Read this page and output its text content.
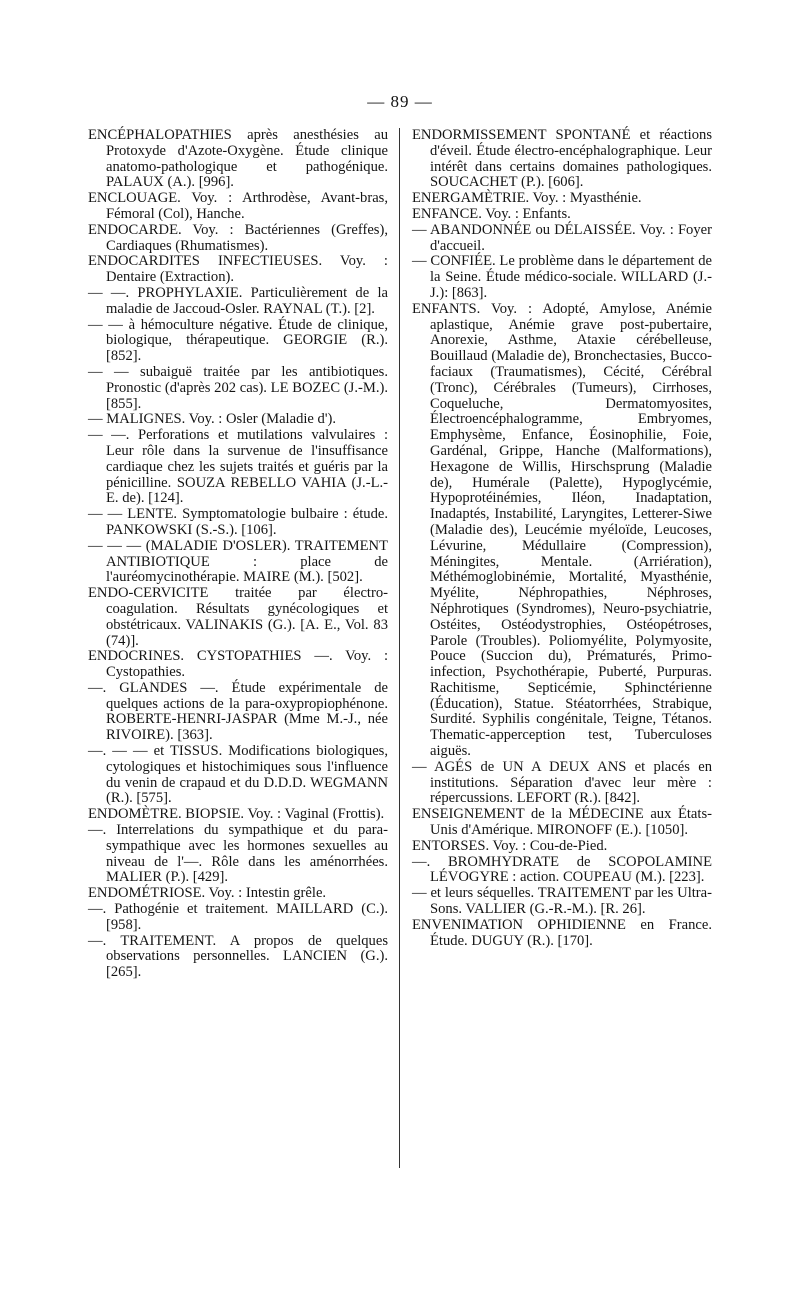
— 89 —

ENCÉPHALOPATHIES après anesthésies au Protoxyde d'Azote-Oxygène. Étude clinique anatomo-pathologique et pathogénique. PALAUX (A.). [996].

ENCLOUAGE. Voy. : Arthrodèse, Avant-bras, Fémoral (Col), Hanche.

ENDOCARDE. Voy. : Bactériennes (Greffes), Cardiaques (Rhumatismes).

ENDOCARDITES INFECTIEUSES. Voy. : Dentaire (Extraction).

— —. PROPHYLAXIE. Particulièrement de la maladie de Jaccoud-Osler. RAYNAL (T.). [2].

— — à hémoculture négative. Étude de clinique, biologique, thérapeutique. GEORGIE (R.). [852].

— — subaiguë traitée par les antibiotiques. Pronostic (d'après 202 cas). LE BOZEC (J.-M.). [855].

— MALIGNES. Voy. : Osler (Maladie d').

— —. Perforations et mutilations valvulaires : Leur rôle dans la survenue de l'insuffisance cardiaque chez les sujets traités et guéris par la pénicilline. SOUZA REBELLO VAHIA (J.-L.-E. de). [124].

— — LENTE. Symptomatologie bulbaire : étude. PANKOWSKI (S.-S.). [106].

— — — (MALADIE D'OSLER). TRAITEMENT ANTIBIOTIQUE : place de l'auréomycinothérapie. MAIRE (M.). [502].

ENDO-CERVICITE traitée par électro-coagulation. Résultats gynécologiques et obstétricaux. VALINAKIS (G.). [A. E., Vol. 83 (74)].

ENDOCRINES. CYSTOPATHIES —. Voy. : Cystopathies.

—. GLANDES —. Étude expérimentale de quelques actions de la para-oxypropiophénone. ROBERTE-HENRI-JASPAR (Mme M.-J., née RIVOIRE). [363].

—. — — et TISSUS. Modifications biologiques, cytologiques et histochimiques sous l'influence du venin de crapaud et du D.D.D. WEGMANN (R.). [575].

ENDOMÈTRE. BIOPSIE. Voy. : Vaginal (Frottis).

—. Interrelations du sympathique et du para-sympathique avec les hormones sexuelles au niveau de l'—. Rôle dans les aménorrhées. MALIER (P.). [429].

ENDOMÉTRIOSE. Voy. : Intestin grêle.

—. Pathogénie et traitement. MAILLARD (C.). [958].

—. TRAITEMENT. A propos de quelques observations personnelles. LANCIEN (G.). [265].

ENDORMISSEMENT SPONTANÉ et réactions d'éveil. Étude électro-encéphalographique. Leur intérêt dans certains domaines pathologiques. SOUCACHET (P.). [606].

ENERGAMÈTRIE. Voy. : Myasthénie.

ENFANCE. Voy. : Enfants.

— ABANDONNÉE ou DÉLAISSÉE. Voy. : Foyer d'accueil.

— CONFIÉE. Le problème dans le département de la Seine. Étude médico-sociale. WILLARD (J.-J.): [863].

ENFANTS. Voy. : Adopté, Amylose, Anémie aplastique, Anémie grave post-pubertaire, Anorexie, Asthme, Ataxie cérébelleuse, Bouillaud (Maladie de), Bronchectasies, Bucco-faciaux (Traumatismes), Cécité, Cérébral (Tronc), Cérébrales (Tumeurs), Cirrhoses, Coqueluche, Dermatomyosites, Électroencéphalogramme, Embryomes, Emphysème, Enfance, Éosinophilie, Foie, Gardénal, Grippe, Hanche (Malformations), Hexagone de Willis, Hirschsprung (Maladie de), Humérale (Palette), Hypoglycémie, Hypoprotéinémies, Iléon, Inadaptation, Inadaptés, Instabilité, Laryngites, Letterer-Siwe (Maladie des), Leucémie myéloïde, Leucoses, Lévurine, Médullaire (Compression), Méningites, Mentale. (Arriération), Méthémoglobinémie, Mortalité, Myasthénie, Myélite, Néphropathies, Néphroses, Néphrotiques (Syndromes), Neuro-psychiatrie, Ostéites, Ostéodystrophies, Ostéopétroses, Parole (Troubles). Poliomyélite, Polymyosite, Pouce (Succion du), Prématurés, Primo-infection, Psychothérapie, Puberté, Purpuras. Rachitisme, Septicémie, Sphinctérienne (Éducation), Statue. Stéatorrhées, Strabique, Surdité. Syphilis congénitale, Teigne, Tétanos. Thematic-apperception test, Tuberculoses aiguës.

— AGÉS de UN A DEUX ANS et placés en institutions. Séparation d'avec leur mère : répercussions. LEFORT (R.). [842].

ENSEIGNEMENT de la MÉDECINE aux États-Unis d'Amérique. MIRONOFF (E.). [1050].

ENTORSES. Voy. : Cou-de-Pied.

—. BROMHYDRATE de SCOPOLAMINE LÉVOGYRE : action. COUPEAU (M.). [223].

— et leurs séquelles. TRAITEMENT par les Ultra-Sons. VALLIER (G.-R.-M.). [R. 26].

ENVENIMATION OPHIDIENNE en France. Étude. DUGUY (R.). [170].
